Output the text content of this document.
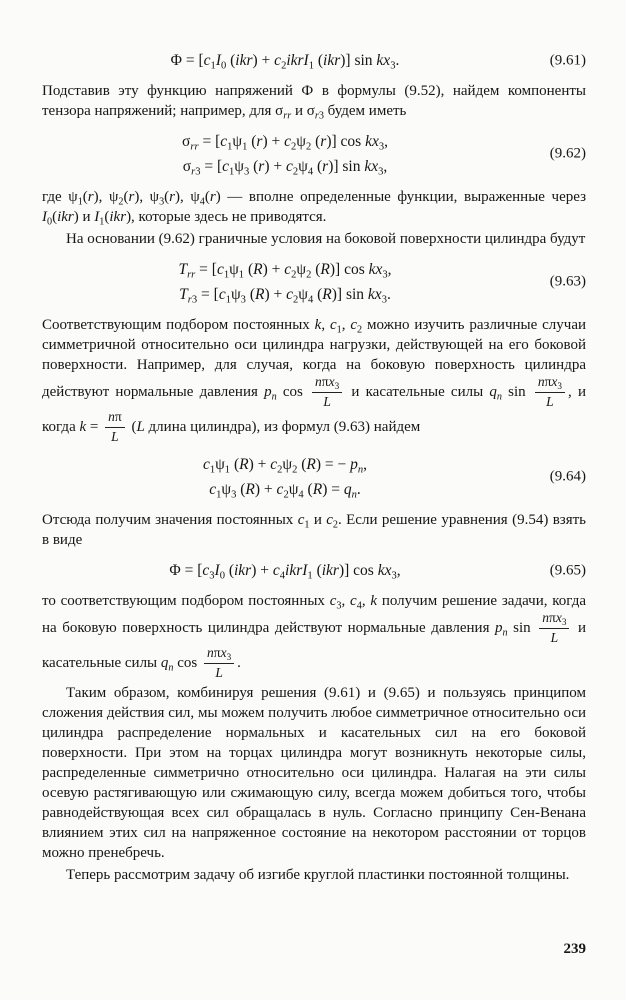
$\Phi = [c_1I_0$ $(ikr) + c_2ikrI_1$ (ikr)] $\sin kx_3$.	(9.61)

Подставив эту функцию напряжений Ф в формулы (9.52), найдем компоненты тензора напряжений; например, для $\sigma_{rr}$ и $\sigma_{r3}$ будем иметь

$\sigma_{rr} = [c_1\psi_1$ $(r) + c_2\psi_2$ (r)] $\cos kx_3$,
$\sigma_{r3} = [c_1\psi_3$ $(r) + c_2\psi_4$ (r)] $\sin kx_3$,
(9.62)

где $\psi_1(r)$, $\psi_2(r)$, $\psi_3(r)$, $\psi_4(r)$ — вполне определенные функции, выраженные через $I_0(ikr)$ и $I_1(ikr)$, которые здесь не приводятся.

На основании (9.62) граничные условия на боковой поверхности цилиндра будут

$T_{rr} = [c_1\psi_1$ $(R) + c_2\psi_2$ (R)] $\cos kx_3$,
$T_{r3} = [c_1\psi_3$ $(R) + c_2\psi_4$ (R)] $\sin kx_3$.
(9.63)

Соответствующим подбором постоянных k, $c_1$, $c_2$ можно изучить различные случаи симметричной относительно оси цилиндра нагрузки, действующей на его боковой поверхности. Например, для случая, когда на боковую поверхность цилиндра действуют нормальные давления $p_n$ $\cos \frac{n\pi x_3}{L}$ и касательные силы $q_n$ $\sin \frac{n\pi x_3}{L}$ , и когда $k = \frac{n\pi}{L} (L$ длина цилиндра), из формул (9.63) найдем

$c_1\psi_1$ $(R) + c_2\psi_2$ (R) = − $p_n$,
$c_1\psi_3$ $(R) + c_2\psi_4$ $(R) = q_n$.
(9.64)

Отсюда получим значения постоянных $c_1$ и $c_2$. Если решение уравнения (9.54) взять в виде

$\Phi = [c_3I_0$ $(ikr) + c_4ikrI_1$ (ikr)] $\cos kx_3$,	(9.65)

то соответствующим подбором постоянных $c_3$, $c_4$, k получим решение задачи, когда на боковую поверхность цилиндра действуют нормальные давления $p_n$ $\sin \frac{n\pi x_3}{L}$ и касательные силы $q_n$ $\cos \frac{n\pi x_3}{L}$ .

Таким образом, комбинируя решения (9.61) и (9.65) и пользуясь принципом сложения действия сил, мы можем получить любое симметричное относительно оси цилиндра распределение нормальных и касательных сил на его боковой поверхности. При этом на торцах цилиндра могут возникнуть некоторые силы, распределенные симметрично относительно оси цилиндра. Налагая на эти силы осевую растягивающую или сжимающую силу, всегда можем добиться того, чтобы равнодействующая всех сил обращалась в нуль. Согласно принципу Сен-Венана влиянием этих сил на напряженное состояние на некотором расстоянии от торцов можно пренебречь.

Теперь рассмотрим задачу об изгибе круглой пластинки постоянной толщины.

239
